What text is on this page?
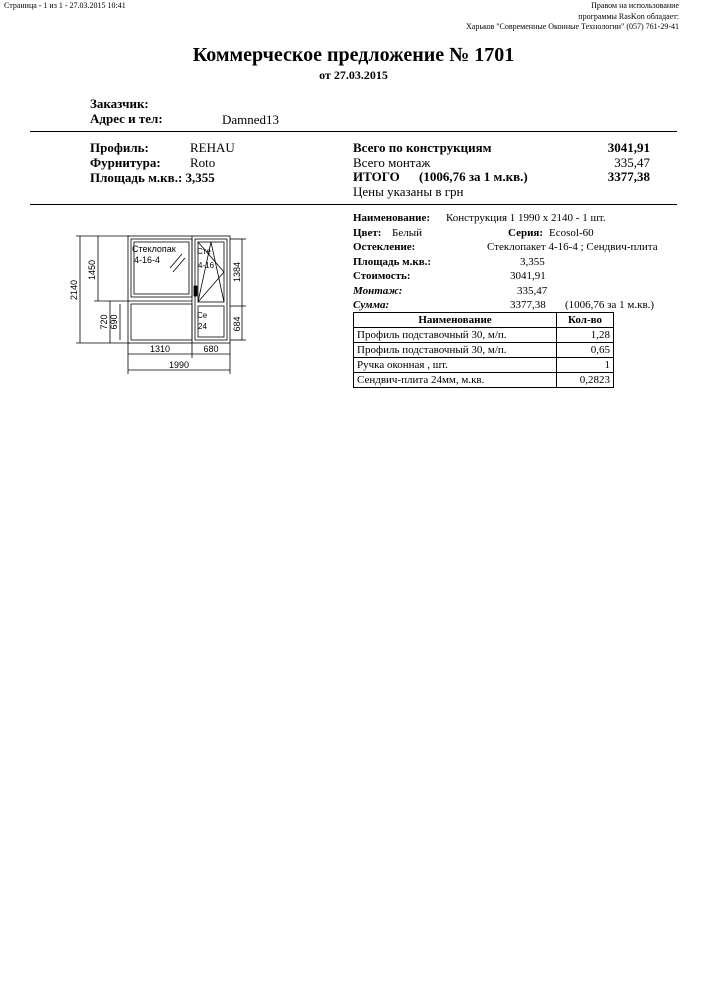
Страница - 1 из 1 - 27.03.2015 10:41	Правом на использование
программы RasKon обладает:
Харьков "Современные Оконные Технологии" (057) 761-29-41
Коммерческое предложение № 1701
от 27.03.2015
Заказчик:
Адрес и тел:	Damned13
Профиль:	REHAU
Фурнитура: Roto
Площадь м.кв.: 3,355
Всего по конструкциям	3041,91
Всего монтаж	335,47
ИТОГО (1006,76 за 1 м.кв.)	3377,38
Цены указаны в грн
Наименование: Конструкция 1 1990 x 2140 - 1 шт.
Цвет: Белый	Серия: Ecosol-60
Остекление:	Стеклопакет 4-16-4 ; Сендвич-плита
Площадь м.кв.:	3,355
Стоимость:	3041,91
Монтаж:	335,47
Сумма:	3377,38 (1006,76 за 1 м.кв.)
Наименование	Кол-во
Профиль подставочный 30, м/п.	1,28
Профиль подставочный 30, м/п.	0,65
Ручка оконная , шт.	1
Сендвич-плита 24мм, м.кв.	0,2823
Стеклопак
4-16-4
Сте
4-16
Се
24
2140
1450
720 690
1384
684
1310	680
1990
